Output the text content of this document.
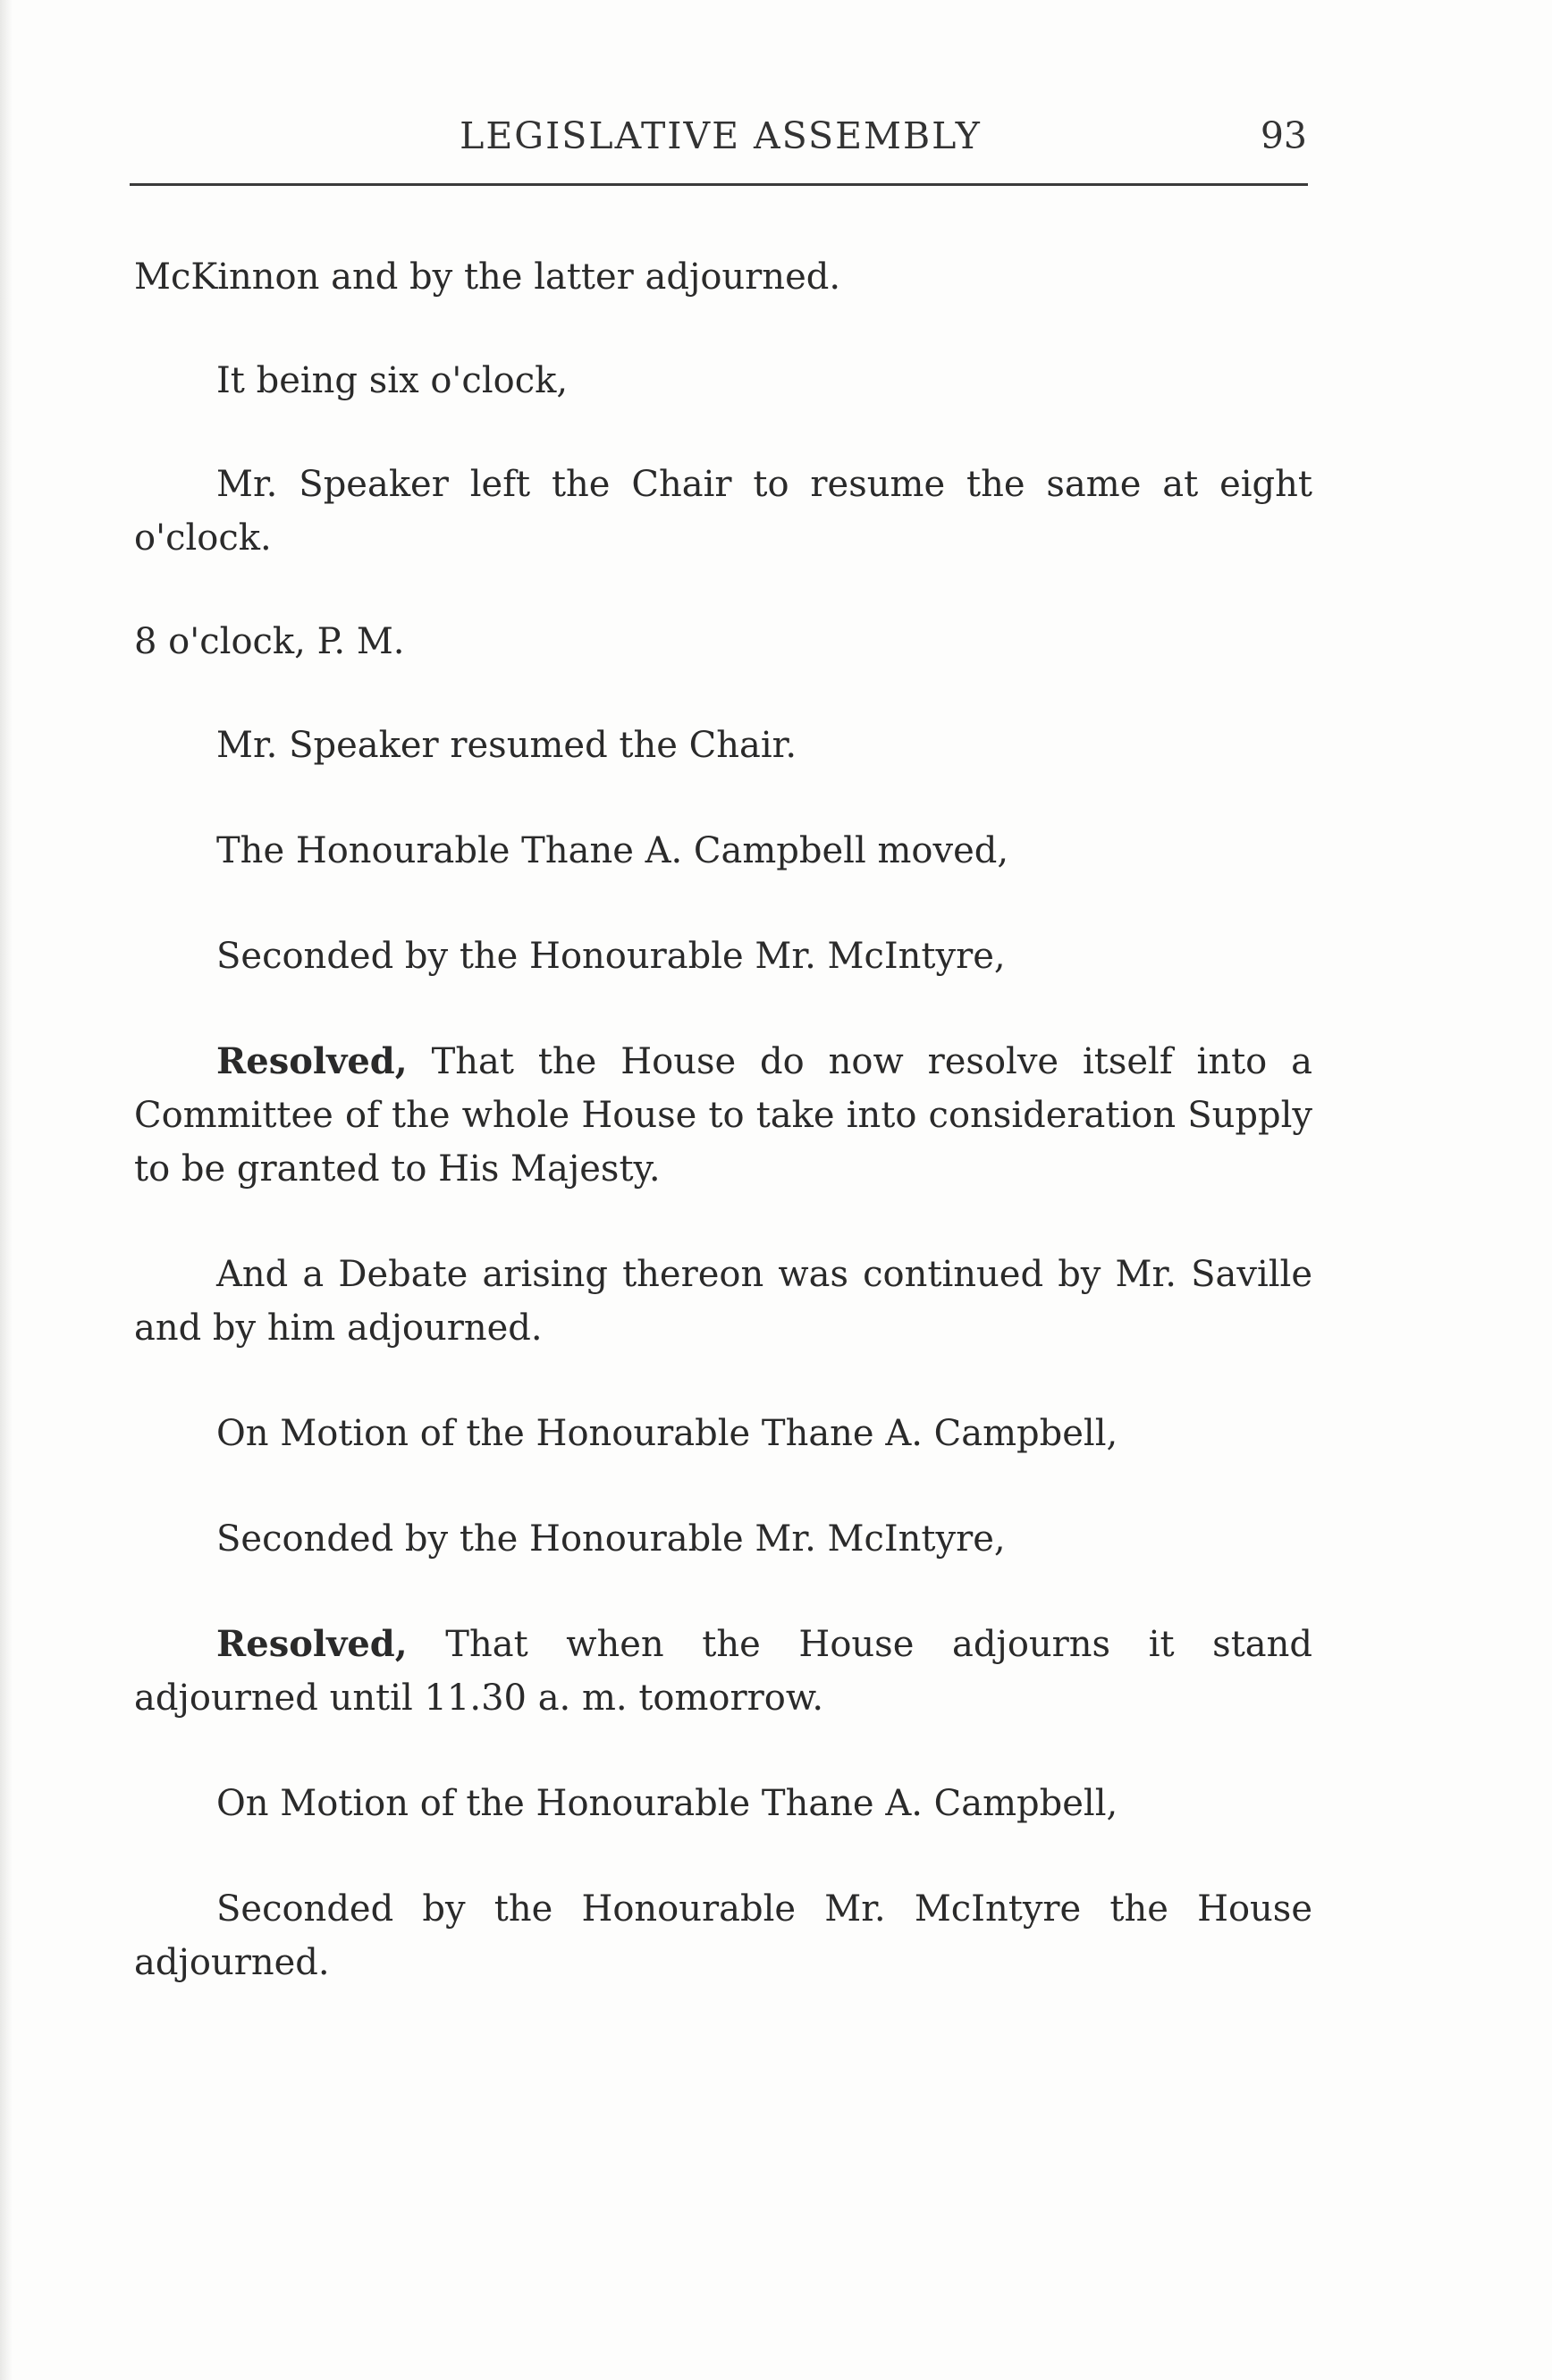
LEGISLATIVE ASSEMBLY	93

McKinnon and by the latter adjourned.

It being six o'clock,

Mr. Speaker left the Chair to resume the same at eight

o'clock.

8 o'clock, P. M.

Mr. Speaker resumed the Chair.

The Honourable Thane A. Campbell moved,

Seconded by the Honourable Mr. McIntyre,

Resolved, That the House do now resolve itself into a Committee of the whole House to take into consideration Supply to be granted to His Majesty.

And a Debate arising thereon was continued by Mr. Saville and by him adjourned.

On Motion of the Honourable Thane A. Campbell,

Seconded by the Honourable Mr. McIntyre,

Resolved, That when the House adjourns it stand adjourned until 11.30 a. m. tomorrow.

On Motion of the Honourable Thane A. Campbell,

Seconded by the Honourable Mr. McIntyre the House

adjourned.
